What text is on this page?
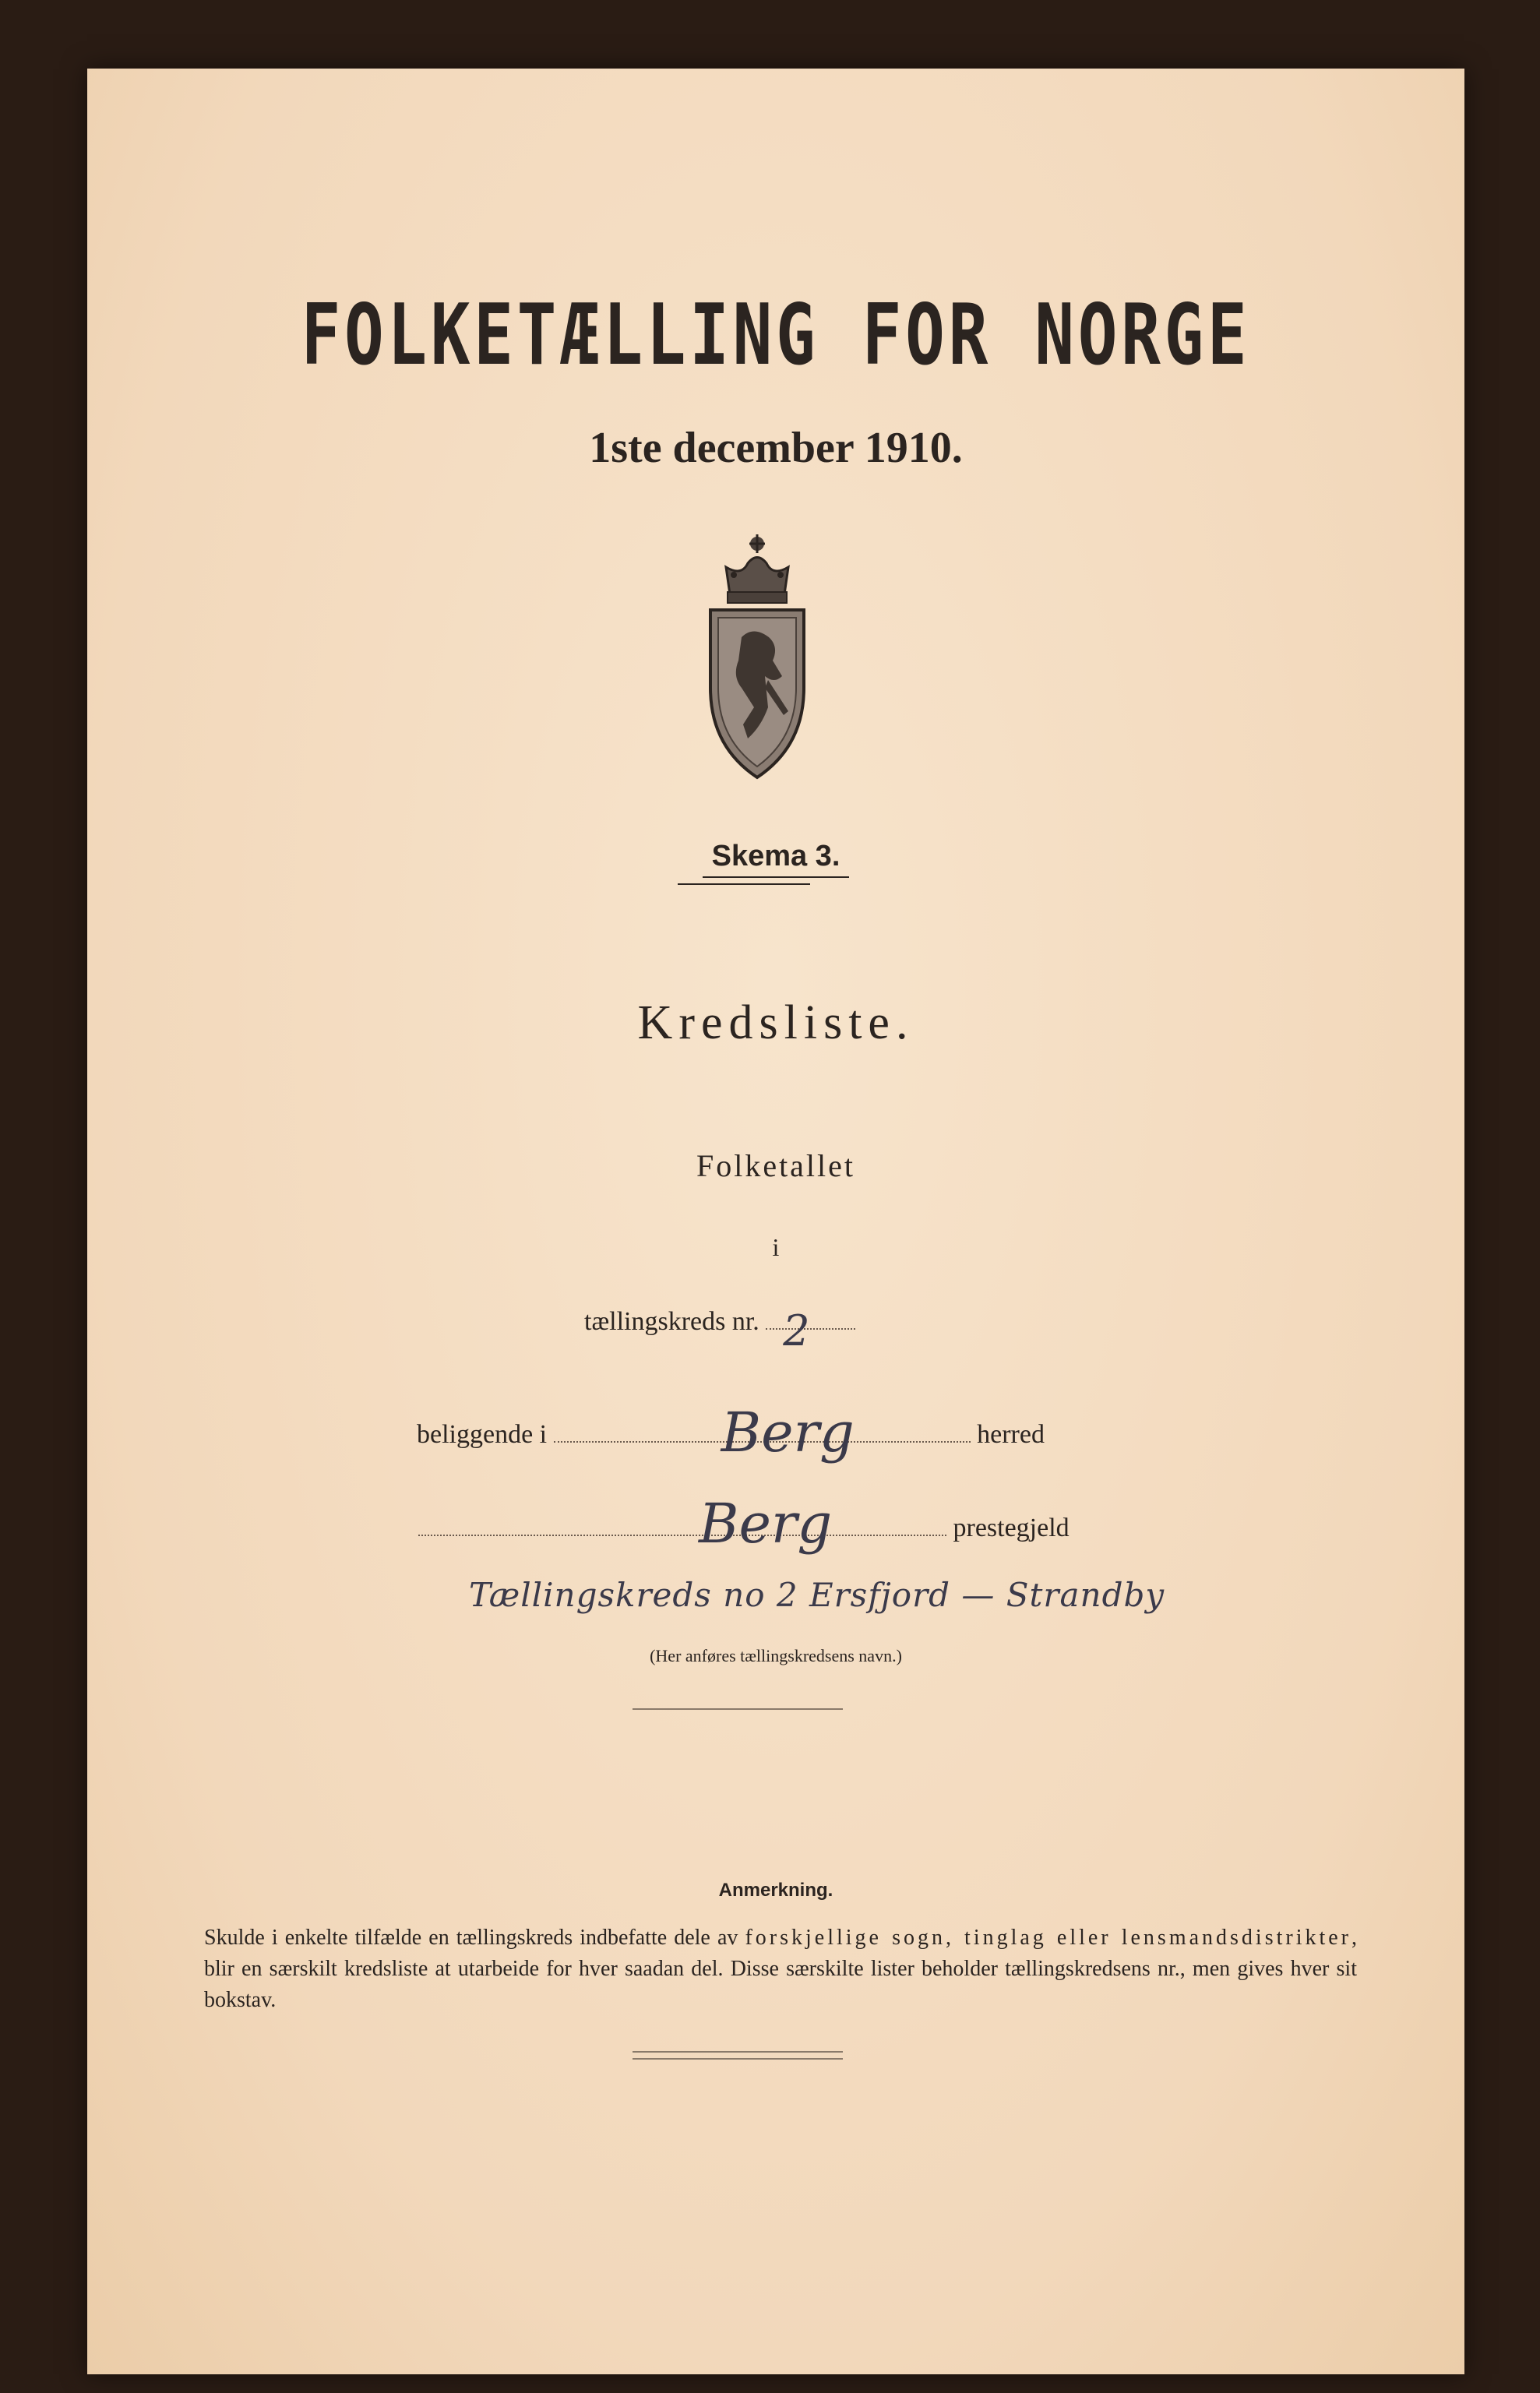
FOLKETÆLLING FOR NORGE
1ste december 1910.
Skema 3.
Kredsliste.
Folketallet
i
tællingskreds nr. 2
beliggende i	Berg	herred
Berg	prestegjeld
Tællingskreds no 2 Ersfjord — Strandby
(Her anføres tællingskredsens navn.)
Anmerkning.
Skulde i enkelte tilfælde en tællingskreds indbefatte dele av forskjellige sogn, tinglag eller lensmandsdistrikter, blir en særskilt kredsliste at utarbeide for hver saadan del. Disse særskilte lister beholder tællingskredsens nr., men gives hver sit bokstav.
